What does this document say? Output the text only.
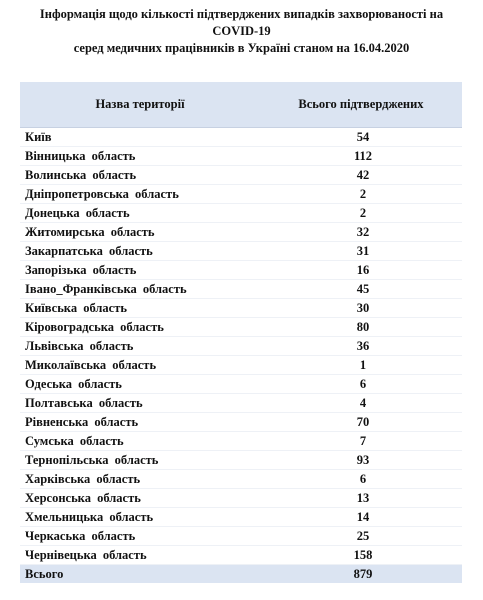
Інформація щодо кількості підтверджених випадків захворюваності на
COVID-19
серед медичних працівників в Україні станом на 16.04.2020
Назва території	Всього підтверджених
Київ	54
Вінницька область	112
Волинська область	42
Дніпропетровська область	2
Донецька область	2
Житомирська область	32
Закарпатська область	31
Запорізька область	16
Івано_Франківська область	45
Київська область	30
Кіровоградська область	80
Львівська область	36
Миколаївська область	1
Одеська область	6
Полтавська область	4
Рівненська область	70
Сумська область	7
Тернопільська область	93
Харківська область	6
Херсонська область	13
Хмельницька область	14
Черкаська область	25
Чернівецька область	158
Всього	879
